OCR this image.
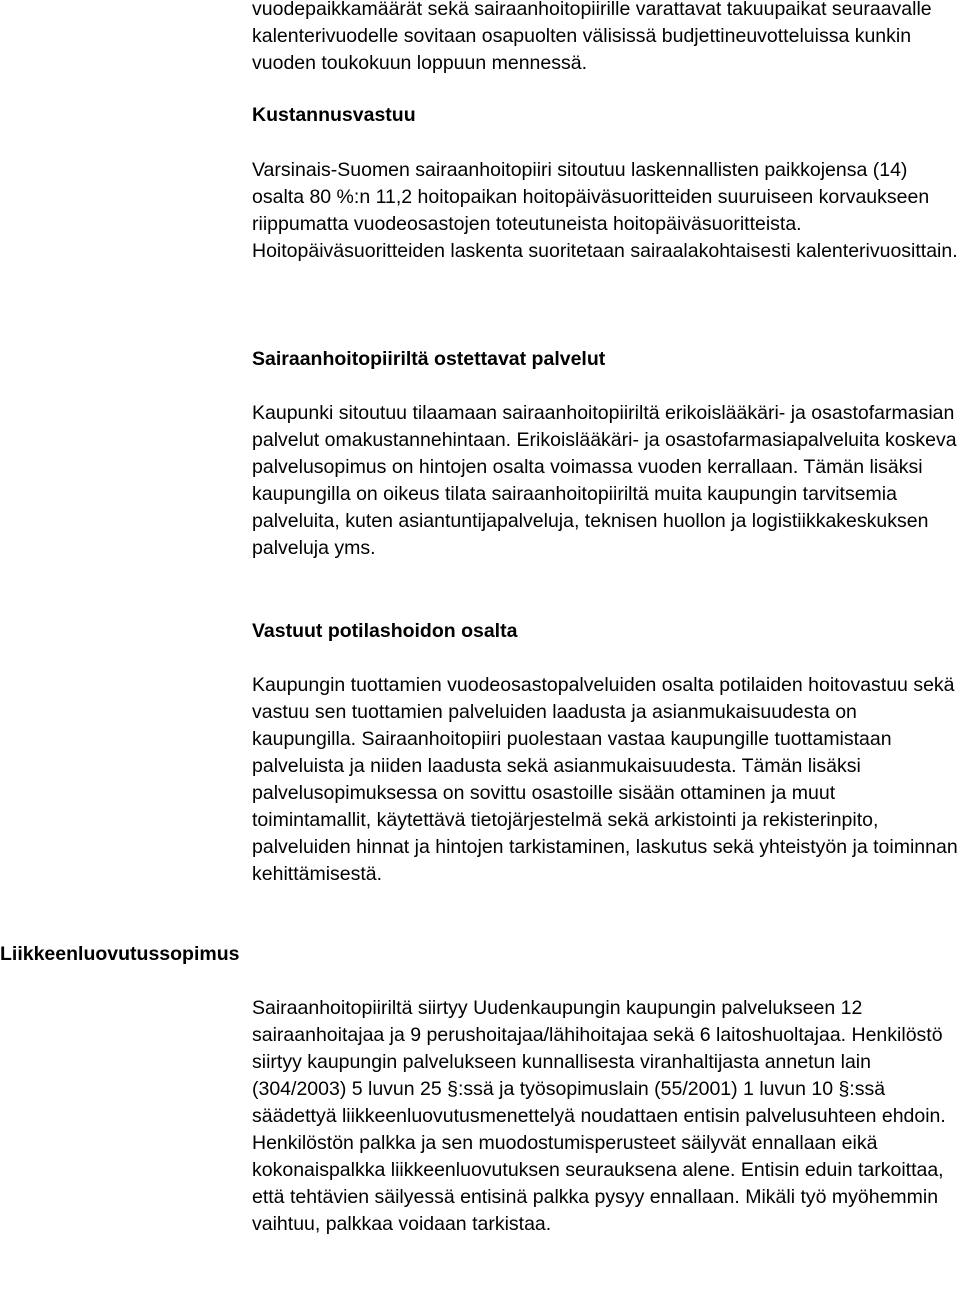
vuodepaikkamäärät sekä sairaanhoitopiirille varattavat takuupaikat seuraavalle kalenterivuodelle sovitaan osapuolten välisissä budjettineuvotteluissa kunkin vuoden toukokuun loppuun mennessä.

Kustannusvastuu

Varsinais-Suomen sairaanhoitopiiri sitoutuu laskennallisten paikkojensa (14) osalta 80 %:n 11,2 hoitopaikan hoitopäiväsuoritteiden suuruiseen korvaukseen riippumatta vuodeosastojen toteutuneista hoitopäiväsuoritteista. Hoitopäiväsuoritteiden laskenta suoritetaan sairaalakohtaisesti kalenterivuosittain.

Sairaanhoitopiiriltä ostettavat palvelut

Kaupunki sitoutuu tilaamaan sairaanhoitopiiriltä erikoislääkäri- ja osastofarmasian palvelut omakustannehintaan. Erikoislääkäri- ja osastofarmasiapalveluita koskeva palvelusopimus on hintojen osalta voimassa vuoden kerrallaan. Tämän lisäksi kaupungilla on oikeus tilata sairaanhoitopiiriltä muita kaupungin tarvitsemia palveluita, kuten asiantuntijapalveluja, teknisen huollon ja logistiikkakeskuksen palveluja yms.

Vastuut potilashoidon osalta

Kaupungin tuottamien vuodeosastopalveluiden osalta potilaiden hoitovastuu sekä vastuu sen tuottamien palveluiden laadusta ja asianmukaisuudesta on kaupungilla. Sairaanhoitopiiri puolestaan vastaa kaupungille tuottamistaan palveluista ja niiden laadusta sekä asianmukaisuudesta. Tämän lisäksi palvelusopimuksessa on sovittu osastoille sisään ottaminen ja muut toimintamallit, käytettävä tietojärjestelmä sekä arkistointi ja rekisterinpito, palveluiden hinnat ja hintojen tarkistaminen, laskutus sekä yhteistyön ja toiminnan kehittämisestä.

Liikkeenluovutussopimus

Sairaanhoitopiiriltä siirtyy Uudenkaupungin kaupungin palvelukseen 12 sairaanhoitajaa ja 9 perushoitajaa/lähihoitajaa sekä 6 laitoshuoltajaa. Henkilöstö siirtyy kaupungin palvelukseen kunnallisesta viranhaltijasta annetun lain (304/2003) 5 luvun 25 §:ssä ja työsopimuslain (55/2001) 1 luvun 10 §:ssä säädettyä liikkeenluovutusmenettelyä noudattaen entisin palvelusuhteen ehdoin. Henkilöstön palkka ja sen muodostumisperusteet säilyvät ennallaan eikä kokonaispalkka liikkeenluovutuksen seurauksena alene. Entisin eduin tarkoittaa, että tehtävien säilyessä entisinä palkka pysyy ennallaan. Mikäli työ myöhemmin vaihtuu, palkkaa voidaan tarkistaa.
